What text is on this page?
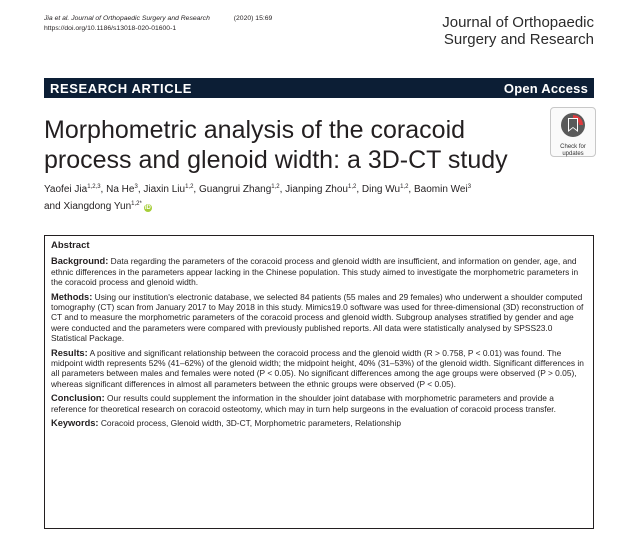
Jia et al. Journal of Orthopaedic Surgery and Research	(2020) 15:69
https://doi.org/10.1186/s13018-020-01600-1	Journal of Orthopaedic
Surgery and Research
RESEARCH ARTICLE	Open Access
Morphometric analysis of the coracoid
process and glenoid width: a 3D-CT study	Check for
updates
Yaofei Jia$^{1,2,3}$, Na He$^3$, Jiaxin Liu$^{1,2}$, Guangrui Zhang$^{1,2}$, Jianping Zhou$^{1,2}$, Ding Wu$^{1,2}$, Baomin Wei$^3$
and Xiangdong Yun$^{1,2*}$iD
Abstract

Background: Data regarding the parameters of the coracoid process and glenoid width are insufficient, and information on gender, age, and ethnic differences in the parameters appear lacking in the Chinese population. This study aimed to investigate the morphometric parameters in the coracoid process and glenoid width.

Methods: Using our institution's electronic database, we selected 84 patients (55 males and 29 females) who underwent a shoulder computed tomography (CT) scan from January 2017 to May 2018 in this study. Mimics19.0 software was used for three-dimensional (3D) reconstruction of CT and to measure the morphometric parameters of the coracoid process and glenoid width. Subgroup analyses stratified by gender and age were conducted and the parameters were compared with previously published reports. All data were statistically analysed by SPSS23.0 Statistical Package.

Results: A positive and significant relationship between the coracoid process and the glenoid width (R > 0.758, P < 0.01) was found. The midpoint width represents 52% (41–62%) of the glenoid width; the midpoint height, 40% (31–53%) of the glenoid width. Significant differences in all parameters between males and females were noted (P < 0.05). No significant differences among the age groups were observed (P > 0.05), whereas significant differences in almost all parameters between the ethnic groups were observed (P < 0.05).

Conclusion: Our results could supplement the information in the shoulder joint database with morphometric parameters and provide a reference for theoretical research on coracoid osteotomy, which may in turn help surgeons in the evaluation of coracoid process transfer.

Keywords: Coracoid process, Glenoid width, 3D-CT, Morphometric parameters, Relationship
